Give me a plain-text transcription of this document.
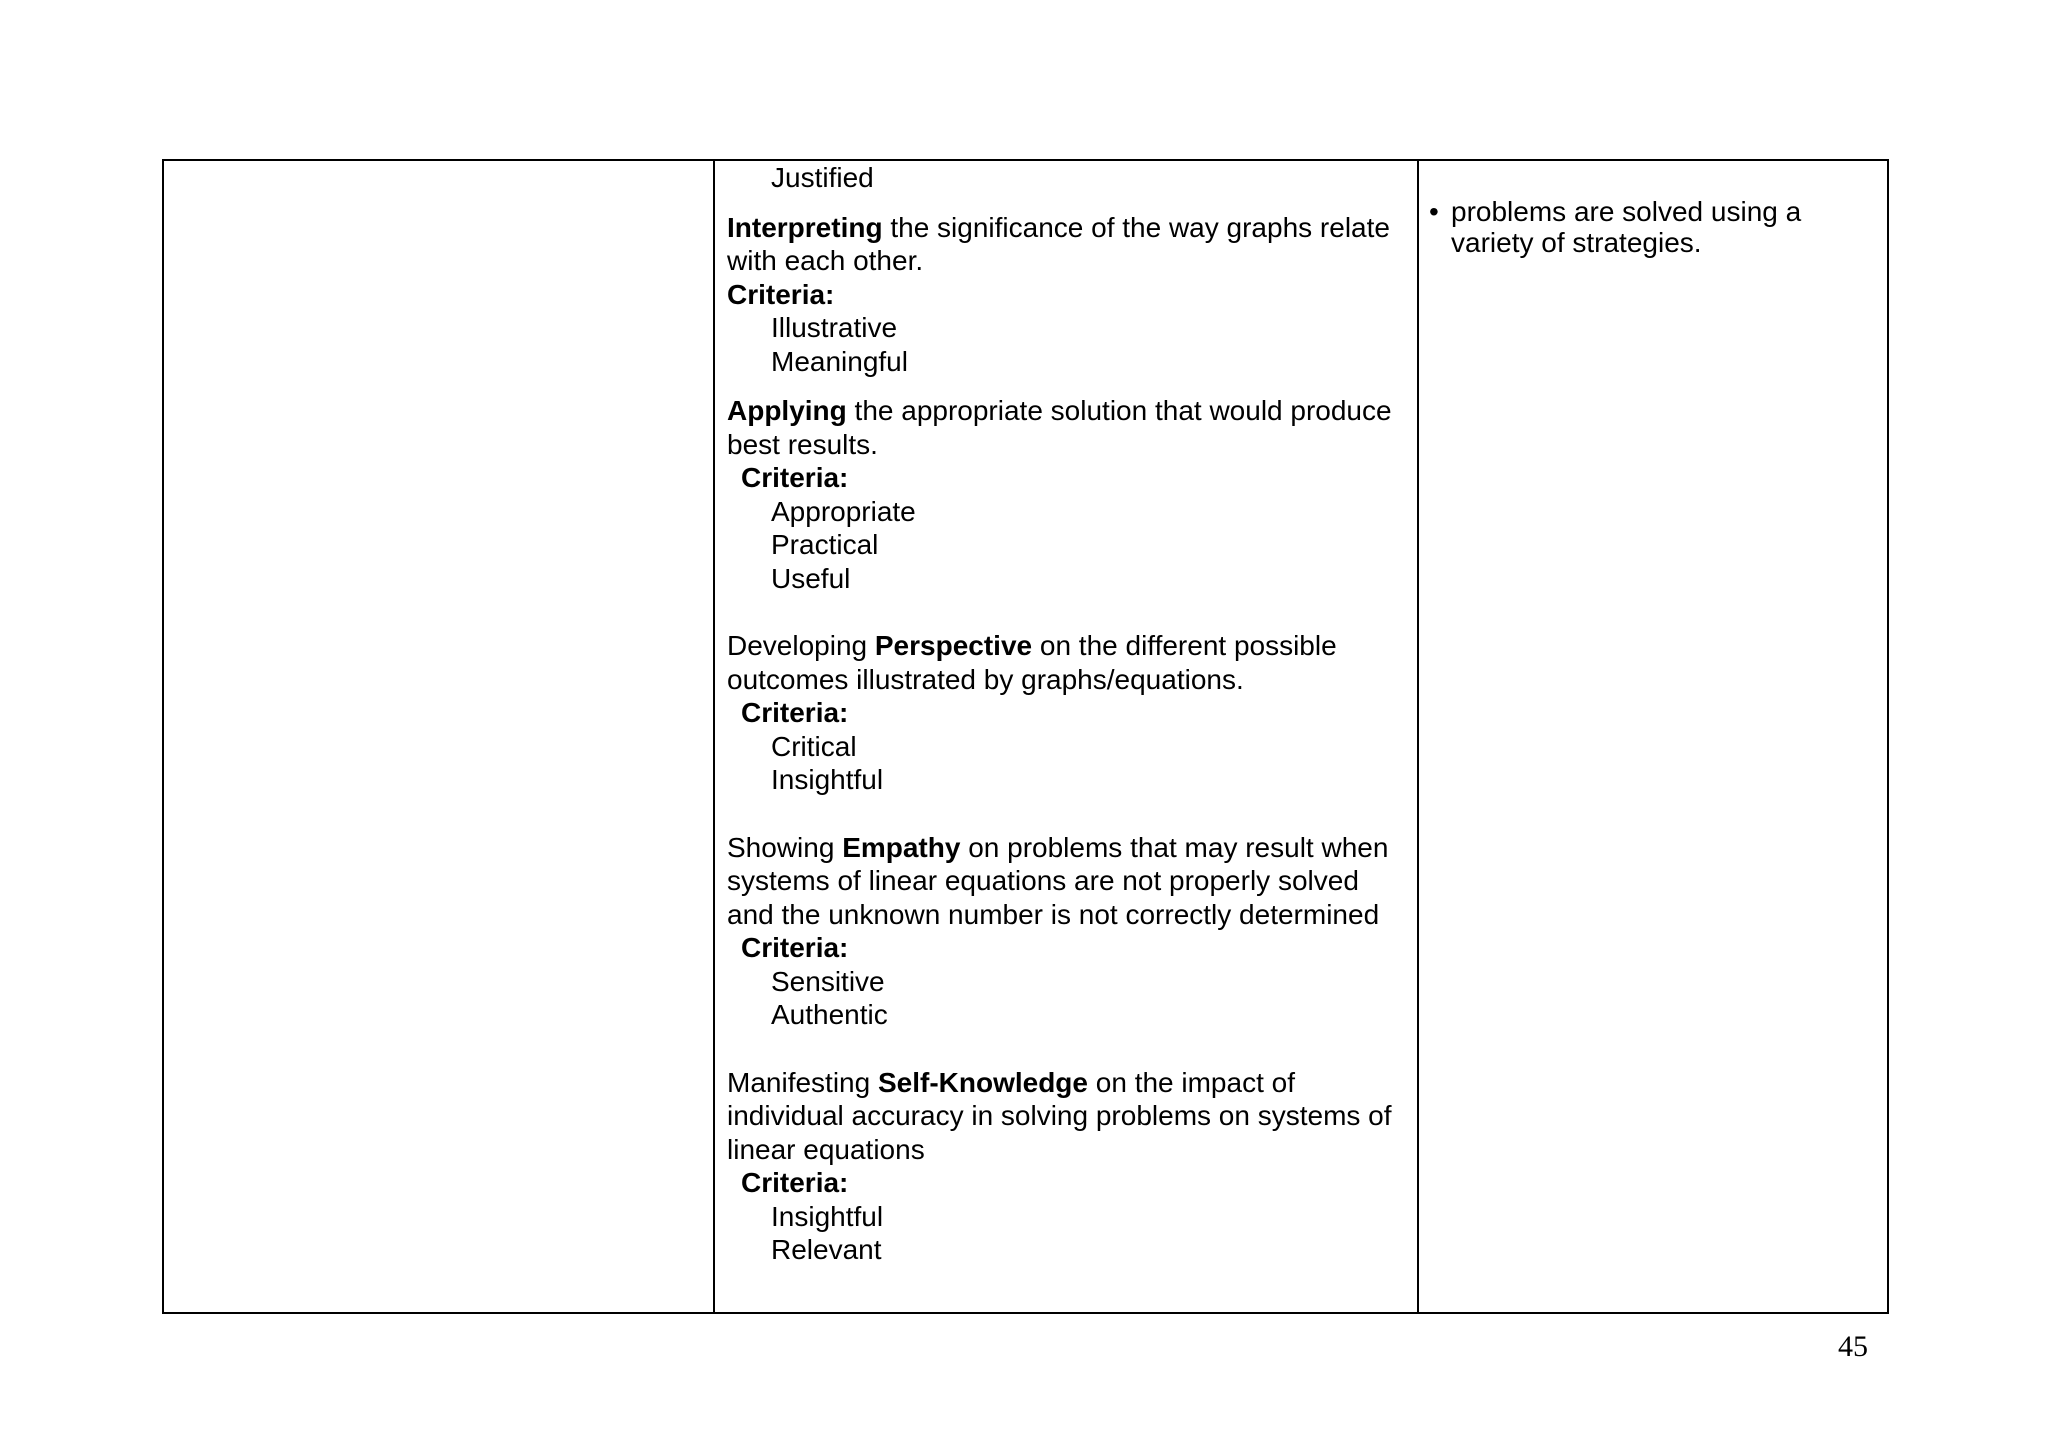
Justified

Interpreting the significance of the way graphs relate with each other.

Criteria:

Illustrative

Meaningful

Applying the appropriate solution that would produce best results.

Criteria:

Appropriate

Practical

Useful

Developing Perspective on the different possible outcomes illustrated by graphs/equations.

Criteria:

Critical

Insightful

Showing Empathy on problems that may result when systems of linear equations are not properly solved and the unknown number is not correctly determined

Criteria:

Sensitive

Authentic

Manifesting Self-Knowledge on the impact of individual accuracy in solving problems on systems of linear equations

Criteria:

Insightful

Relevant

• problems are solved using a variety of strategies.
45
